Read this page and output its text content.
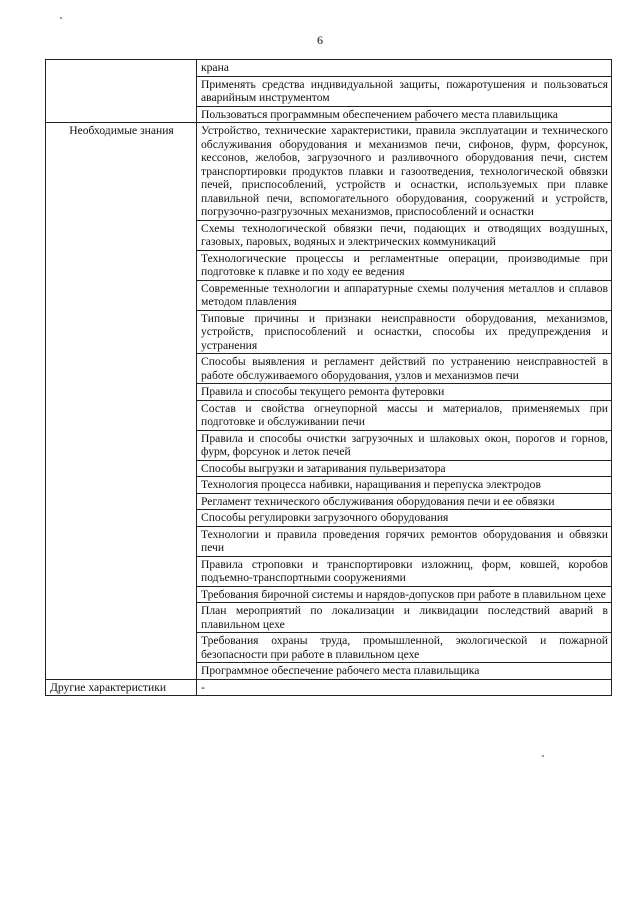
6
	крана
	Применять средства индивидуальной защиты, пожаротушения и пользоваться аварийным инструментом
	Пользоваться программным обеспечением рабочего места плавильщика
Необходимые знания	Устройство, технические характеристики, правила эксплуатации и технического обслуживания оборудования и механизмов печи, сифонов, фурм, форсунок, кессонов, желобов, загрузочного и разливочного оборудования печи, систем транспортировки продуктов плавки и газоотведения, технологической обвязки печей, приспособлений, устройств и оснастки, используемых при плавке плавильной печи, вспомогательного оборудования, сооружений и устройств, погрузочно-разгрузочных механизмов, приспособлений и оснастки
	Схемы технологической обвязки печи, подающих и отводящих воздушных, газовых, паровых, водяных и электрических коммуникаций
	Технологические процессы и регламентные операции, производимые при подготовке к плавке и по ходу ее ведения
	Современные технологии и аппаратурные схемы получения металлов и сплавов методом плавления
	Типовые причины и признаки неисправности оборудования, механизмов, устройств, приспособлений и оснастки, способы их предупреждения и устранения
	Способы выявления и регламент действий по устранению неисправностей в работе обслуживаемого оборудования, узлов и механизмов печи
	Правила и способы текущего ремонта футеровки
	Состав и свойства огнеупорной массы и материалов, применяемых при подготовке и обслуживании печи
	Правила и способы очистки загрузочных и шлаковых окон, порогов и горнов, фурм, форсунок и леток печей
	Способы выгрузки и затаривания пульверизатора
	Технология процесса набивки, наращивания и перепуска электродов
	Регламент технического обслуживания оборудования печи и ее обвязки
	Способы регулировки загрузочного оборудования
	Технологии и правила проведения горячих ремонтов оборудования и обвязки печи
	Правила строповки и транспортировки изложниц, форм, ковшей, коробов подъемно-транспортными сооружениями
	Требования бирочной системы и нарядов-допусков при работе в плавильном цехе
	План мероприятий по локализации и ликвидации последствий аварий в плавильном цехе
	Требования охраны труда, промышленной, экологической и пожарной безопасности при работе в плавильном цехе
	Программное обеспечение рабочего места плавильщика
Другие характеристики	-
